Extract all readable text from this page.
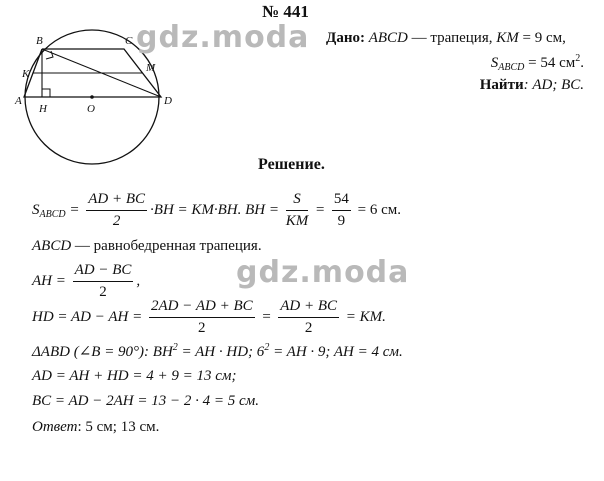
№ 441
B	C
K	M
A
H	O
D
Дано: ABCD — трапеция, KM = 9 см,
$S_{ABCD} = 54$ $см^2$.
Найти: AD; BC.
Решение.
$S_{ABCD} = \frac{AD + BC}{2} \cdot BH = KM\cdot BH$. BH = $\frac{S}{KM} = \frac{54}{9} = 6$ см.
ABCD — равнобедренная трапеция.
AH = $\frac{AD - BC}{2}$ ,
HD = AD − AH = $\frac{2AD - AD + BC}{2} = \frac{AD + BC}{2}$ = KM.
ΔABD (∠B = 90°): $BH^2$ = AH · HD; $6^2$ = AH · 9; AH = 4 см.
AD = AH + HD = 4 + 9 = 13 см;
BC = AD − 2AH = 13 − 2 · 4 = 5 см.
Ответ: 5 см; 13 см.
gdz.moda
gdz.moda
